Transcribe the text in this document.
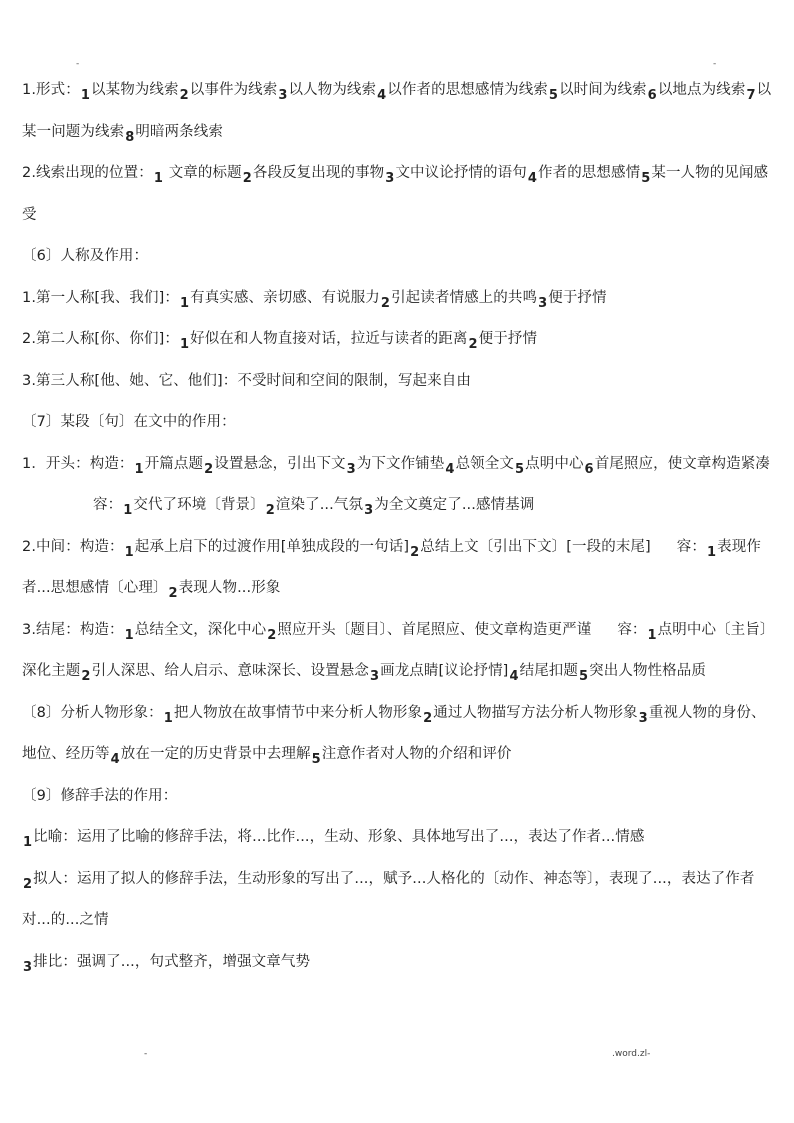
-	-

1.形式：1以某物为线索2以事件为线索3以人物为线索4以作者的思想感情为线索5以时间为线索6以地点为线索7以某一问题为线索8明暗两条线索

2.线索出现的位置：1 文章的标题2各段反复出现的事物3文中议论抒情的语句4作者的思想感情5某一人物的见闻感受

〔6〕人称及作用：

1.第一人称[我、我们]：1有真实感、亲切感、有说服力2引起读者情感上的共鸣3便于抒情

2.第二人称[你、你们]：1好似在和人物直接对话，拉近与读者的距离2便于抒情

3.第三人称[他、她、它、他们]：不受时间和空间的限制，写起来自由

〔7〕某段〔句〕在文中的作用：

1．开头：构造：1开篇点题2设置悬念，引出下文3为下文作铺垫4总领全文5点明中心6首尾照应，使文章构造紧凑
容：1交代了环境〔背景〕2渲染了...气氛3为全文奠定了...感情基调

2.中间：构造：1起承上启下的过渡作用[单独成段的一句话]2总结上文〔引出下文〕[一段的末尾] 容：1表现作者...思想感情〔心理〕2表现人物...形象

3.结尾：构造：1总结全文，深化中心2照应开头〔题目〕、首尾照应、使文章构造更严谨 容：1点明中心〔主旨〕深化主题2引人深思、给人启示、意味深长、设置悬念3画龙点睛[议论抒情]4结尾扣题5突出人物性格品质

〔8〕分析人物形象：1把人物放在故事情节中来分析人物形象2通过人物描写方法分析人物形象3重视人物的身份、地位、经历等4放在一定的历史背景中去理解5注意作者对人物的介绍和评价

〔9〕修辞手法的作用：

1比喻：运用了比喻的修辞手法，将...比作...，生动、形象、具体地写出了...，表达了作者...情感

2拟人：运用了拟人的修辞手法，生动形象的写出了...，赋予...人格化的〔动作、神态等〕，表现了...，表达了作者对...的...之情

3排比：强调了...，句式整齐，增强文章气势

-	.word.zl-
